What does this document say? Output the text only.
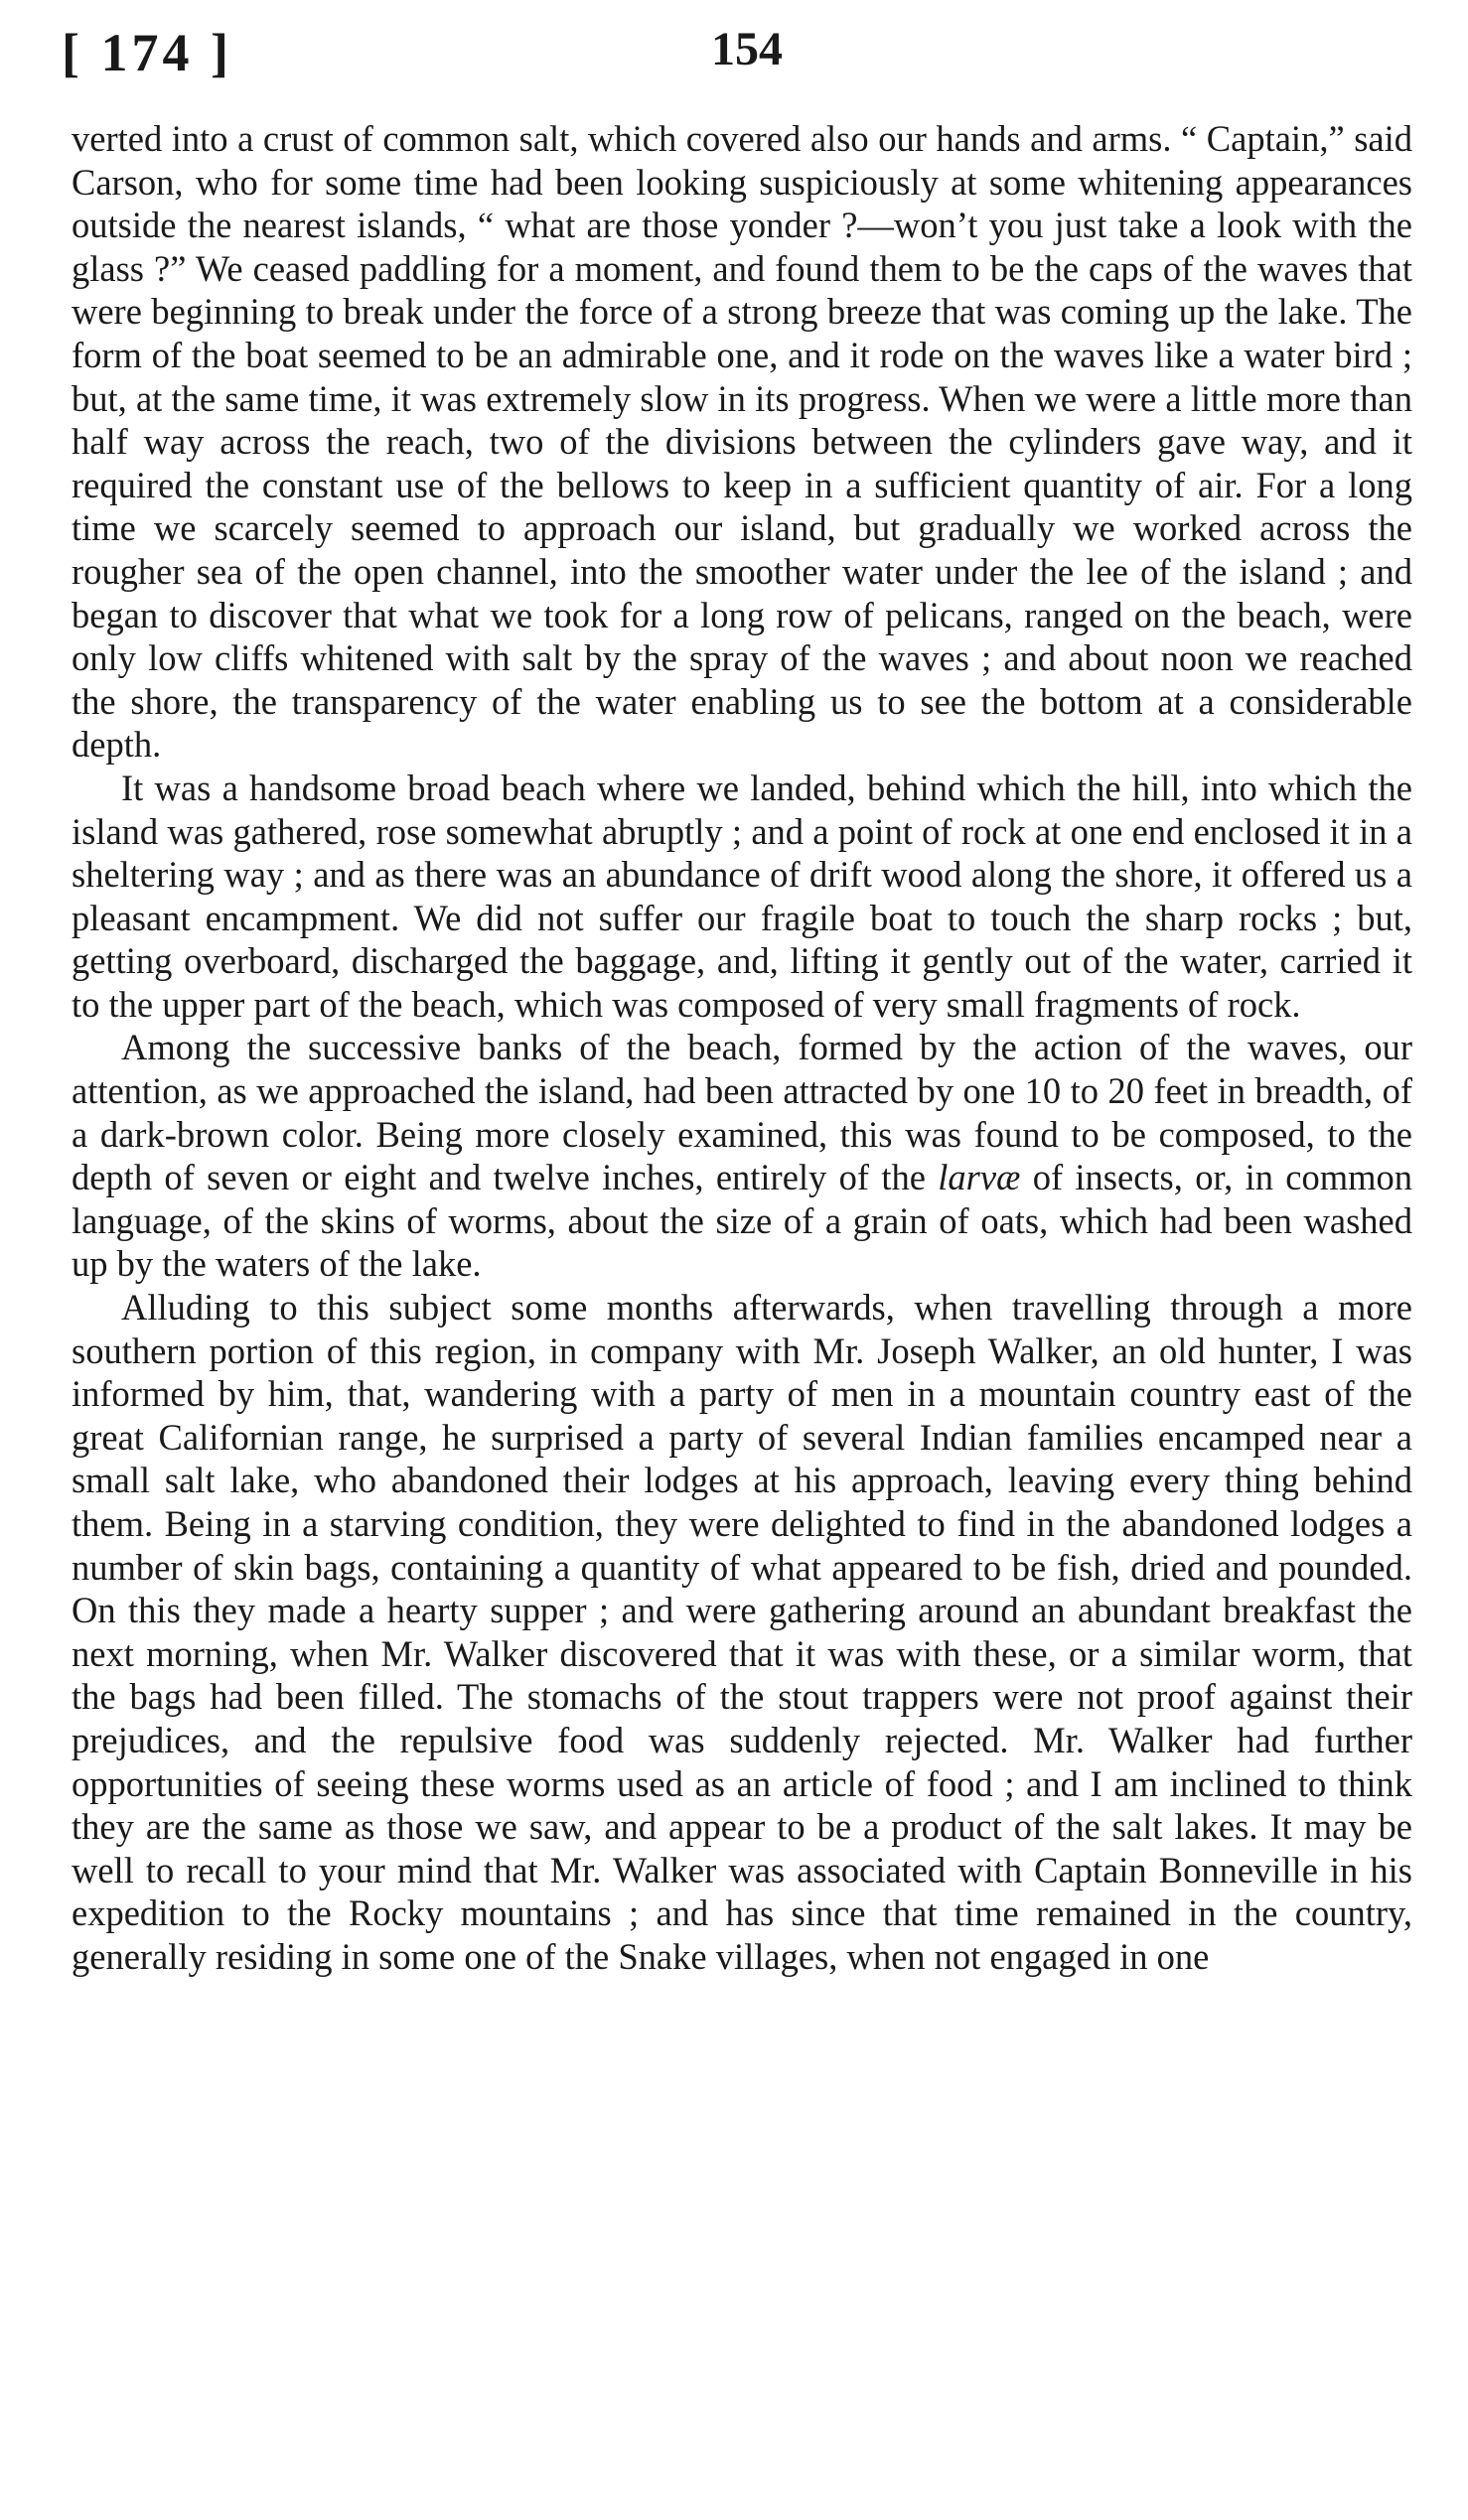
[ 174 ]	154

verted into a crust of common salt, which covered also our hands and arms. “ Captain,” said Carson, who for some time had been looking suspiciously at some whitening appearances outside the nearest islands, “ what are those yonder ?—won’t you just take a look with the glass ?” We ceased paddling for a moment, and found them to be the caps of the waves that were beginning to break under the force of a strong breeze that was coming up the lake. The form of the boat seemed to be an admirable one, and it rode on the waves like a water bird ; but, at the same time, it was extremely slow in its progress. When we were a little more than half way across the reach, two of the divisions between the cylinders gave way, and it required the constant use of the bellows to keep in a sufficient quantity of air. For a long time we scarcely seemed to approach our island, but gradually we worked across the rougher sea of the open channel, into the smoother water under the lee of the island ; and began to discover that what we took for a long row of pelicans, ranged on the beach, were only low cliffs whitened with salt by the spray of the waves ; and about noon we reached the shore, the transparency of the water enabling us to see the bottom at a considerable depth.

It was a handsome broad beach where we landed, behind which the hill, into which the island was gathered, rose somewhat abruptly ; and a point of rock at one end enclosed it in a sheltering way ; and as there was an abundance of drift wood along the shore, it offered us a pleasant encampment. We did not suffer our fragile boat to touch the sharp rocks ; but, getting overboard, discharged the baggage, and, lifting it gently out of the water, carried it to the upper part of the beach, which was composed of very small fragments of rock.

Among the successive banks of the beach, formed by the action of the waves, our attention, as we approached the island, had been attracted by one 10 to 20 feet in breadth, of a dark-brown color. Being more closely examined, this was found to be composed, to the depth of seven or eight and twelve inches, entirely of the larvæ of insects, or, in common language, of the skins of worms, about the size of a grain of oats, which had been washed up by the waters of the lake.

Alluding to this subject some months afterwards, when travelling through a more southern portion of this region, in company with Mr. Joseph Walker, an old hunter, I was informed by him, that, wandering with a party of men in a mountain country east of the great Californian range, he surprised a party of several Indian families encamped near a small salt lake, who abandoned their lodges at his approach, leaving every thing behind them. Being in a starving condition, they were delighted to find in the abandoned lodges a number of skin bags, containing a quantity of what appeared to be fish, dried and pounded. On this they made a hearty supper ; and were gathering around an abundant breakfast the next morning, when Mr. Walker discovered that it was with these, or a similar worm, that the bags had been filled. The stomachs of the stout trappers were not proof against their prejudices, and the repulsive food was suddenly rejected. Mr. Walker had further opportunities of seeing these worms used as an article of food ; and I am inclined to think they are the same as those we saw, and appear to be a product of the salt lakes. It may be well to recall to your mind that Mr. Walker was associated with Captain Bonneville in his expedition to the Rocky mountains ; and has since that time remained in the country, generally residing in some one of the Snake villages, when not engaged in one
